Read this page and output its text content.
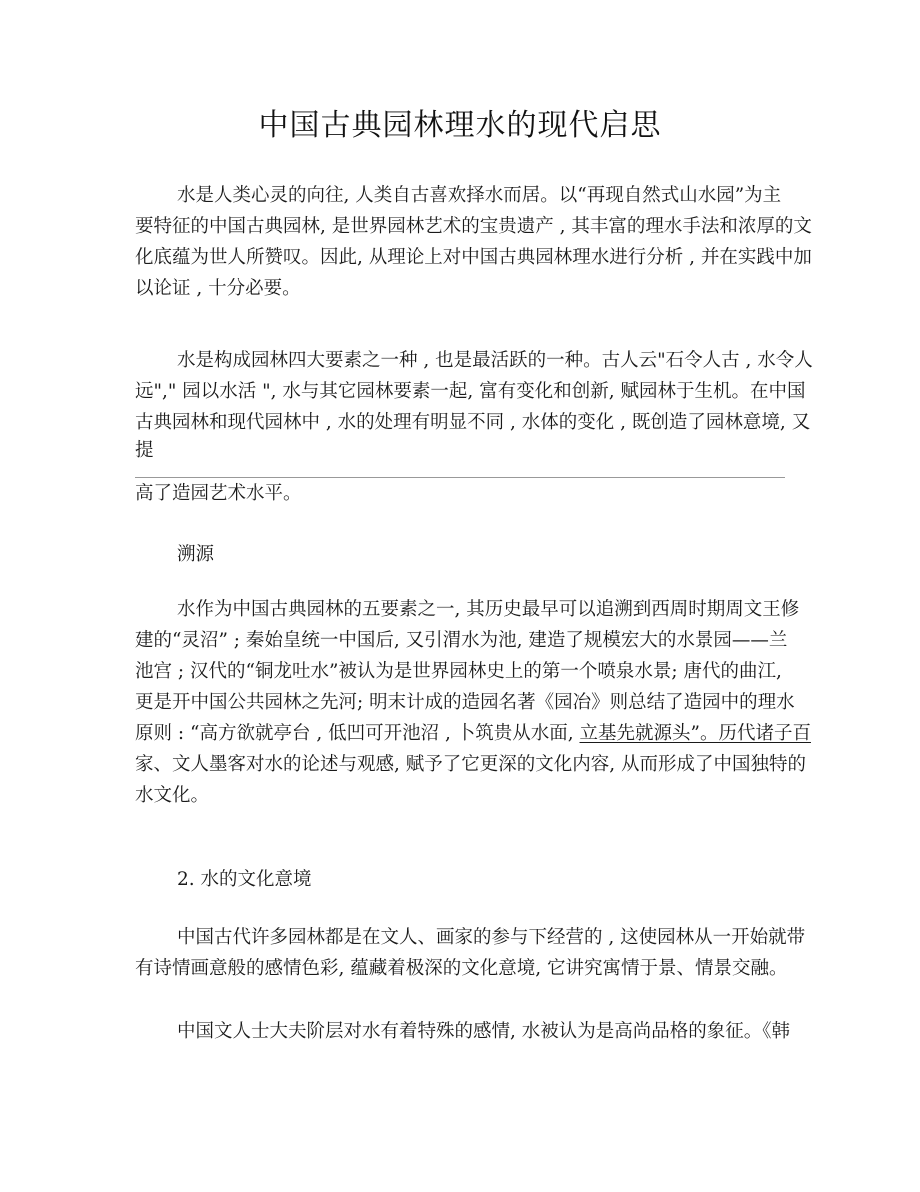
中国古典园林理水的现代启思

水是人类心灵的向往, 人类自古喜欢择水而居。以“再现自然式山水园”为主
要特征的中国古典园林, 是世界园林艺术的宝贵遗产 , 其丰富的理水手法和浓厚的文
化底蕴为世人所赞叹。因此, 从理论上对中国古典园林理水进行分析 , 并在实践中加
以论证 , 十分必要。

水是构成园林四大要素之一种 , 也是最活跃的一种。古人云"石令人古 , 水令人
远"," 园以水活 ", 水与其它园林要素一起, 富有变化和创新, 赋园林于生机。在中国
古典园林和现代园林中 , 水的处理有明显不同 , 水体的变化 , 既创造了园林意境, 又
提

高了造园艺术水平。

溯源

水作为中国古典园林的五要素之一, 其历史最早可以追溯到西周时期周文王修
建的“灵沼” ; 秦始皇统一中国后, 又引渭水为池, 建造了规模宏大的水景园——兰
池宫 ; 汉代的“铜龙吐水”被认为是世界园林史上的第一个喷泉水景; 唐代的曲江,
更是开中国公共园林之先河; 明末计成的造园名著《园冶》则总结了造园中的理水
原则 : “高方欲就亭台 , 低凹可开池沼 , 卜筑贵从水面, 立基先就源头”。历代诸子百
家、文人墨客对水的论述与观感, 赋予了它更深的文化内容, 从而形成了中国独特的
水文化。

2. 水的文化意境

中国古代许多园林都是在文人、画家的参与下经营的 , 这使园林从一开始就带
有诗情画意般的感情色彩, 蕴藏着极深的文化意境, 它讲究寓情于景、情景交融。

中国文人士大夫阶层对水有着特殊的感情, 水被认为是高尚品格的象征。《韩
